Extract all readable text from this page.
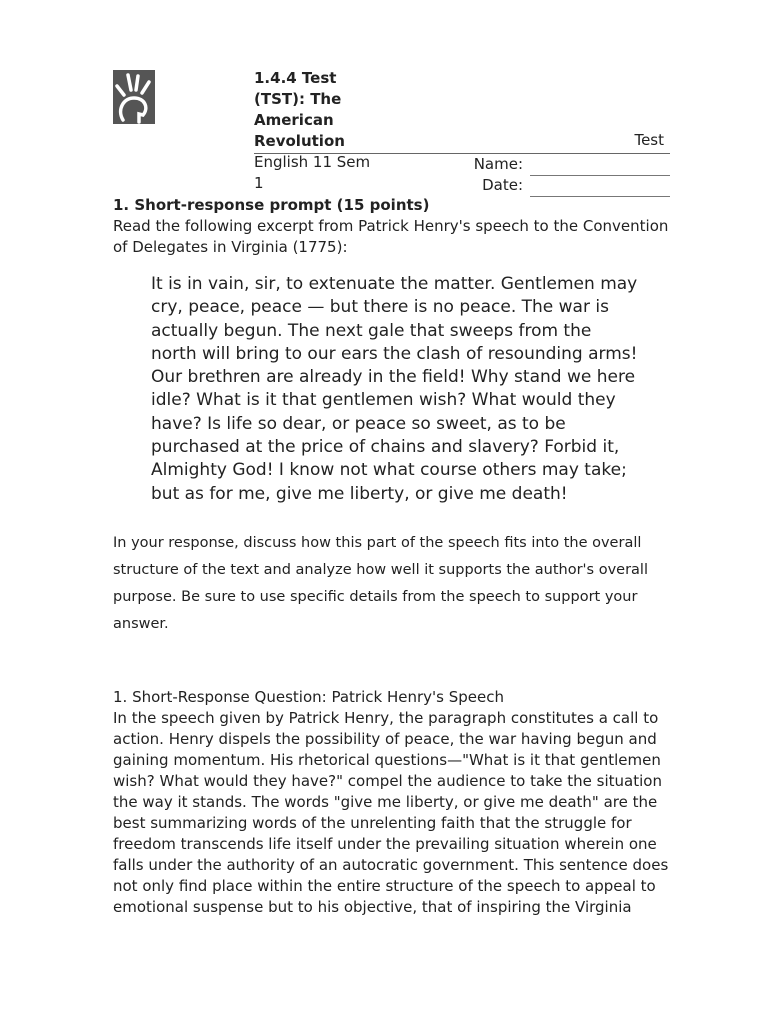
1.4.4 Test
(TST): The
American
Revolution	Test
English 11 Sem
1
Name:
Date:
1. Short-response prompt (15 points)
Read the following excerpt from Patrick Henry's speech to the Convention
of Delegates in Virginia (1775):
It is in vain, sir, to extenuate the matter. Gentlemen may
cry, peace, peace — but there is no peace. The war is
actually begun. The next gale that sweeps from the
north will bring to our ears the clash of resounding arms!
Our brethren are already in the field! Why stand we here
idle? What is it that gentlemen wish? What would they
have? Is life so dear, or peace so sweet, as to be
purchased at the price of chains and slavery? Forbid it,
Almighty God! I know not what course others may take;
but as for me, give me liberty, or give me death!
In your response, discuss how this part of the speech fits into the overall
structure of the text and analyze how well it supports the author's overall
purpose. Be sure to use specific details from the speech to support your
answer.
1. Short-Response Question: Patrick Henry's Speech
In the speech given by Patrick Henry, the paragraph constitutes a call to
action. Henry dispels the possibility of peace, the war having begun and
gaining momentum. His rhetorical questions—"What is it that gentlemen
wish? What would they have?" compel the audience to take the situation
the way it stands. The words "give me liberty, or give me death" are the
best summarizing words of the unrelenting faith that the struggle for
freedom transcends life itself under the prevailing situation wherein one
falls under the authority of an autocratic government. This sentence does
not only find place within the entire structure of the speech to appeal to
emotional suspense but to his objective, that of inspiring the Virginia
